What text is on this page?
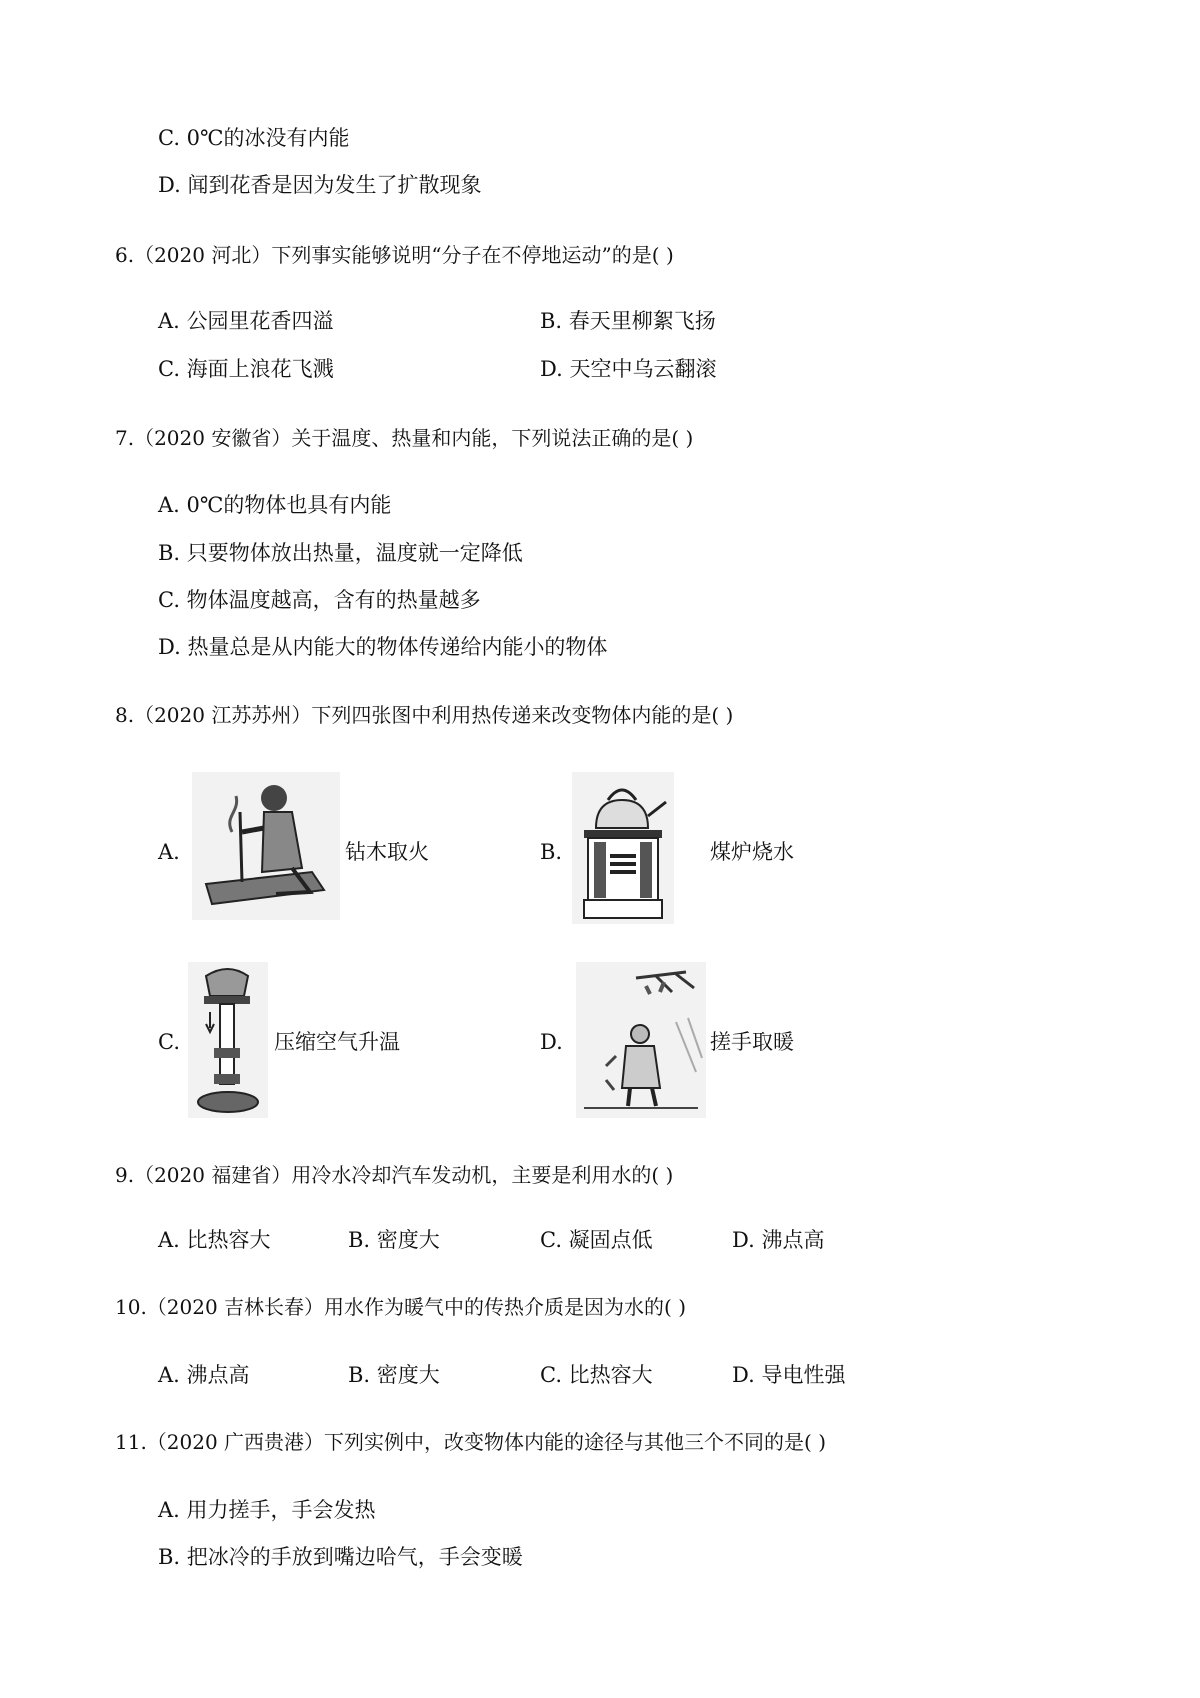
C. 0℃的冰没有内能
D. 闻到花香是因为发生了扩散现象
6.（2020 河北）下列事实能够说明“分子在不停地运动”的是( )
A. 公园里花香四溢	B. 春天里柳絮飞扬
C. 海面上浪花飞溅	D. 天空中乌云翻滚
7.（2020 安徽省）关于温度、热量和内能，下列说法正确的是( )
A. 0℃的物体也具有内能
B. 只要物体放出热量，温度就一定降低
C. 物体温度越高，含有的热量越多
D. 热量总是从内能大的物体传递给内能小的物体
8.（2020 江苏苏州）下列四张图中利用热传递来改变物体内能的是( )
A.	钻木取火	B.	煤炉烧水
C.	压缩空气升温	D.	搓手取暖
9.（2020 福建省）用冷水冷却汽车发动机，主要是利用水的( )
A. 比热容大	B. 密度大	C. 凝固点低	D. 沸点高
10.（2020 吉林长春）用水作为暖气中的传热介质是因为水的( )
A. 沸点高	B. 密度大	C. 比热容大	D. 导电性强
11.（2020 广西贵港）下列实例中，改变物体内能的途径与其他三个不同的是( )
A. 用力搓手，手会发热
B. 把冰冷的手放到嘴边哈气，手会变暖
